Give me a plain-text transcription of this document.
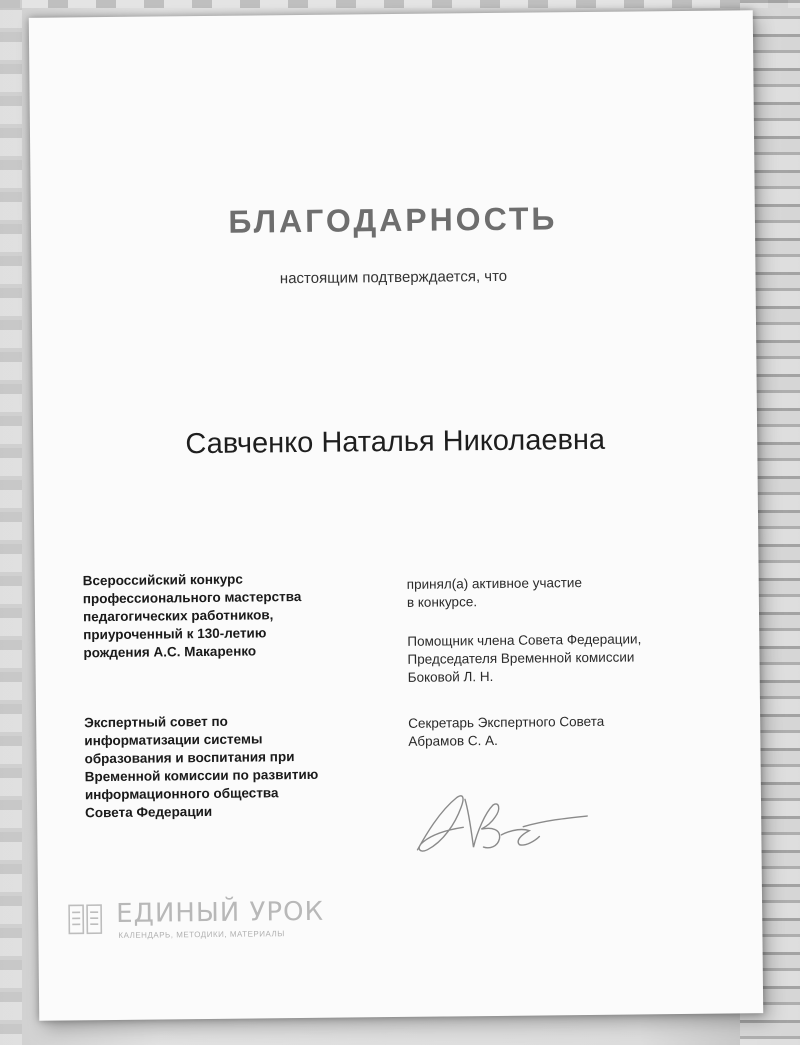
БЛАГОДАРНОСТЬ
настоящим подтверждается, что
Савченко Наталья Николаевна
Всероссийский конкурс
профессионального мастерства
педагогических работников,
приуроченный к 130-летию
рождения А.С. Макаренко
Экспертный совет по
информатизации системы
образования и воспитания при
Временной комиссии по развитию
информационного общества
Совета Федерации
принял(а) активное участие
в конкурсе.
Помощник члена Совета Федерации,
Председателя Временной комиссии
Боковой Л. Н.
Секретарь Экспертного Совета
Абрамов С. А.
ЕДИНЫЙ УРОК
КАЛЕНДАРЬ, МЕТОДИКИ, МАТЕРИАЛЫ
